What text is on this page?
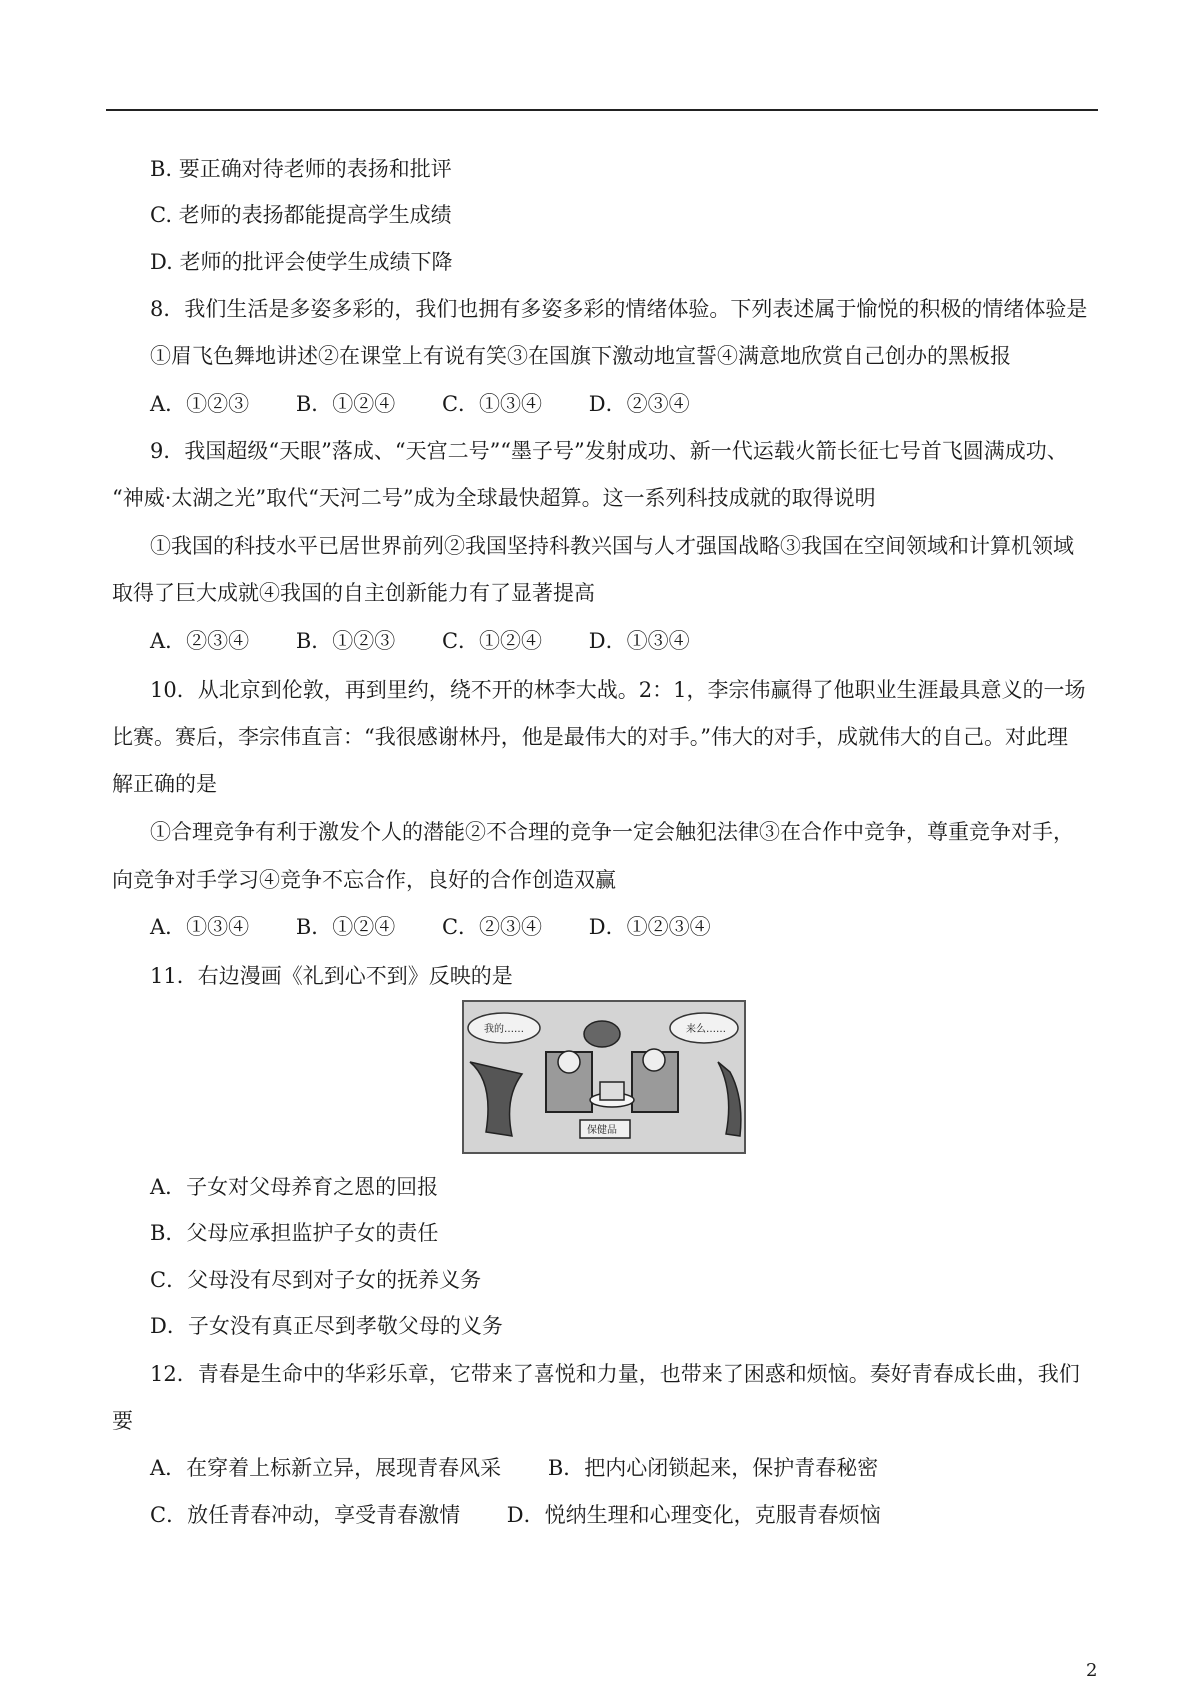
B. 要正确对待老师的表扬和批评
C. 老师的表扬都能提高学生成绩
D. 老师的批评会使学生成绩下降
8．我们生活是多姿多彩的，我们也拥有多姿多彩的情绪体验。下列表述属于愉悦的积极的情绪体验是
①眉飞色舞地讲述②在课堂上有说有笑③在国旗下激动地宣誓④满意地欣赏自己创办的黑板报
A．①②③ B．①②④ C．①③④ D．②③④
9．我国超级“天眼”落成、“天宫二号”“墨子号”发射成功、新一代运载火箭长征七号首飞圆满成功、
“神威·太湖之光”取代“天河二号”成为全球最快超算。这一系列科技成就的取得说明
①我国的科技水平已居世界前列②我国坚持科教兴国与人才强国战略③我国在空间领域和计算机领域
取得了巨大成就④我国的自主创新能力有了显著提高
A．②③④ B．①②③ C．①②④ D．①③④
10．从北京到伦敦，再到里约，绕不开的林李大战。2：1，李宗伟赢得了他职业生涯最具意义的一场
比赛。赛后，李宗伟直言：“我很感谢林丹，他是最伟大的对手。”伟大的对手，成就伟大的自己。对此理
解正确的是
①合理竞争有利于激发个人的潜能②不合理的竞争一定会触犯法律③在合作中竞争，尊重竞争对手，
向竞争对手学习④竞争不忘合作，良好的合作创造双赢
A．①③④ B．①②④ C．②③④ D．①②③④
11．右边漫画《礼到心不到》反映的是
我的……	来么……
保健品
A．子女对父母养育之恩的回报
B．父母应承担监护子女的责任
C．父母没有尽到对子女的抚养义务
D．子女没有真正尽到孝敬父母的义务
12．青春是生命中的华彩乐章，它带来了喜悦和力量，也带来了困惑和烦恼。奏好青春成长曲，我们
要
A．在穿着上标新立异，展现青春风采 B．把内心闭锁起来，保护青春秘密
C．放任青春冲动，享受青春激情 D．悦纳生理和心理变化，克服青春烦恼
2
